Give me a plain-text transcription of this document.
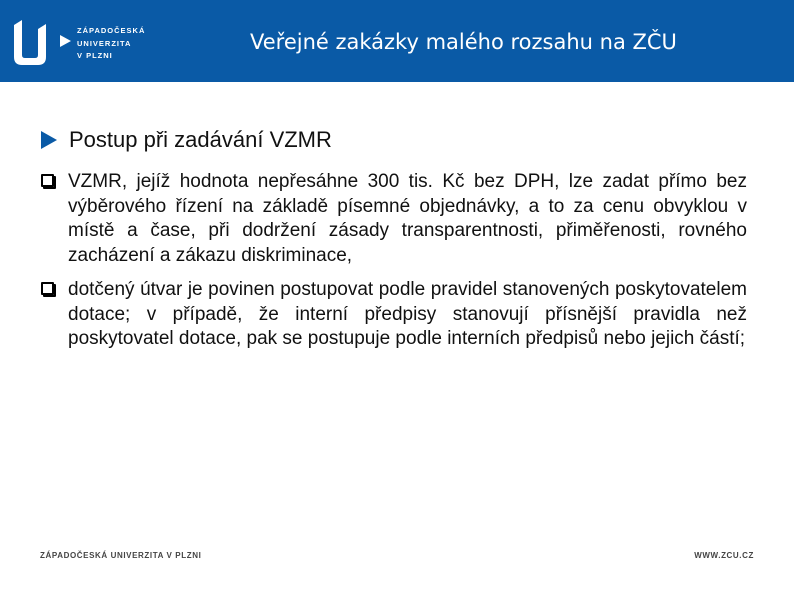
ZÁPADOČESKÁ
UNIVERZITA
V PLZNI
Veřejné zakázky malého rozsahu na ZČU
Postup při zadávání VZMR
VZMR, jejíž hodnota nepřesáhne 300 tis. Kč bez DPH, lze zadat přímo bez výběrového řízení na základě písemné objednávky, a to za cenu obvyklou v místě a čase, při dodržení zásady transparentnosti, přiměřenosti, rovného zacházení a zákazu diskriminace,
dotčený útvar je povinen postupovat podle pravidel stanovených poskytovatelem dotace; v případě, že interní předpisy stanovují přísnější pravidla než poskytovatel dotace, pak se postupuje podle interních předpisů nebo jejich částí;
ZÁPADOČESKÁ UNIVERZITA V PLZNI	WWW.ZCU.CZ
